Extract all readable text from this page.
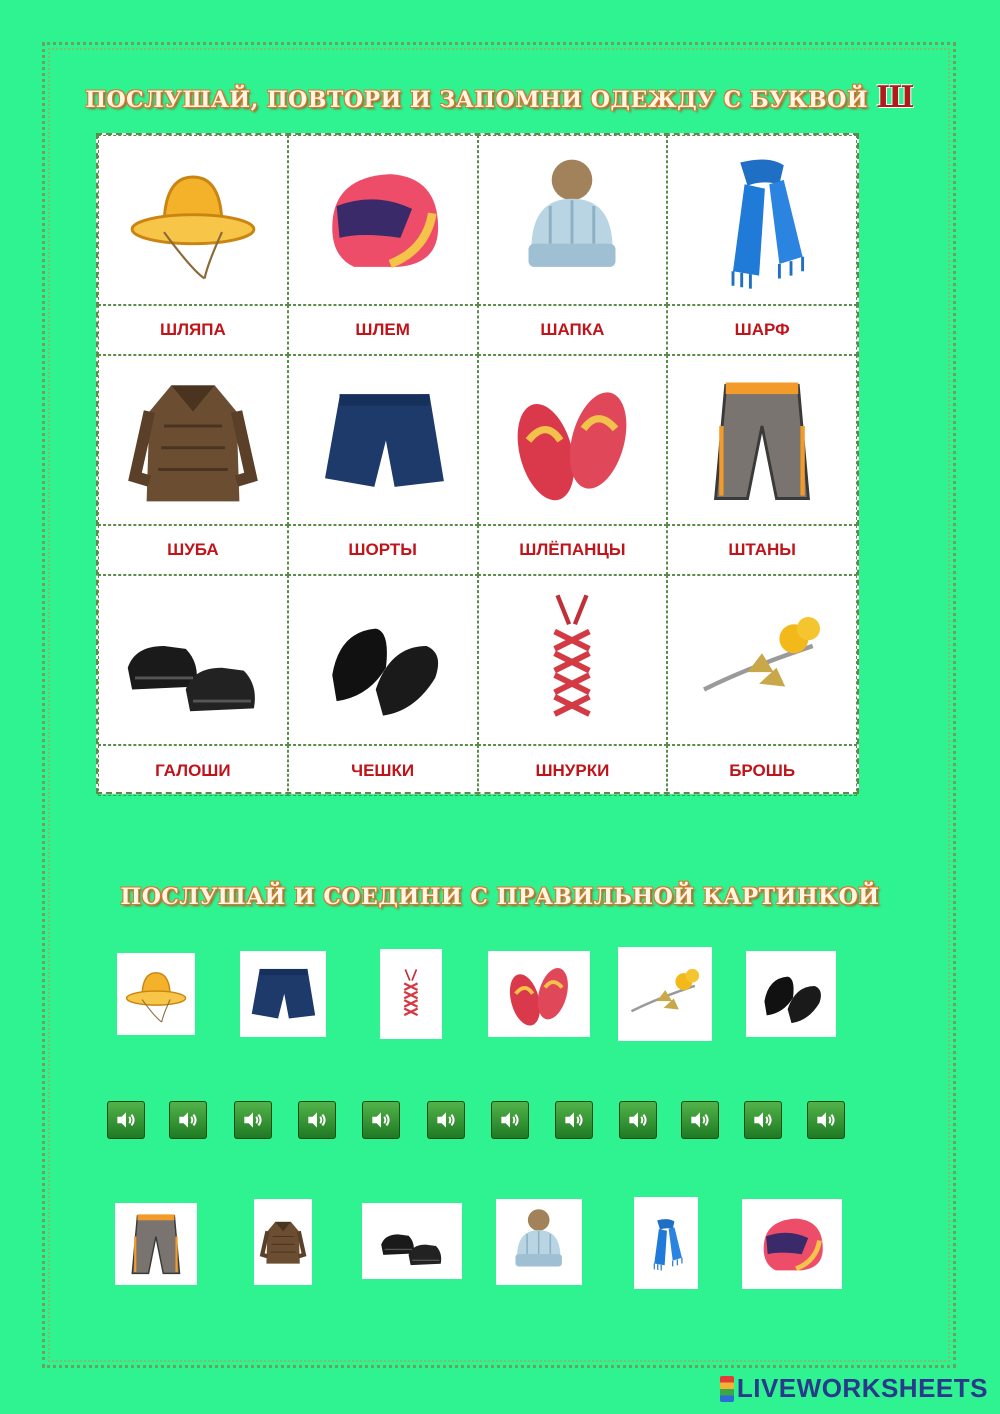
ПОСЛУШАЙ, ПОВТОРИ И ЗАПОМНИ ОДЕЖДУ С БУКВОЙ Ш
ШЛЯПА	ШЛЕМ	ШАПКА	ШАРФ
ШУБА	ШОРТЫ	ШЛЁПАНЦЫ	ШТАНЫ
ГАЛОШИ	ЧЕШКИ	ШНУРКИ	БРОШЬ
ПОСЛУШАЙ И СОЕДИНИ С ПРАВИЛЬНОЙ КАРТИНКОЙ
LIVEWORKSHEETS
